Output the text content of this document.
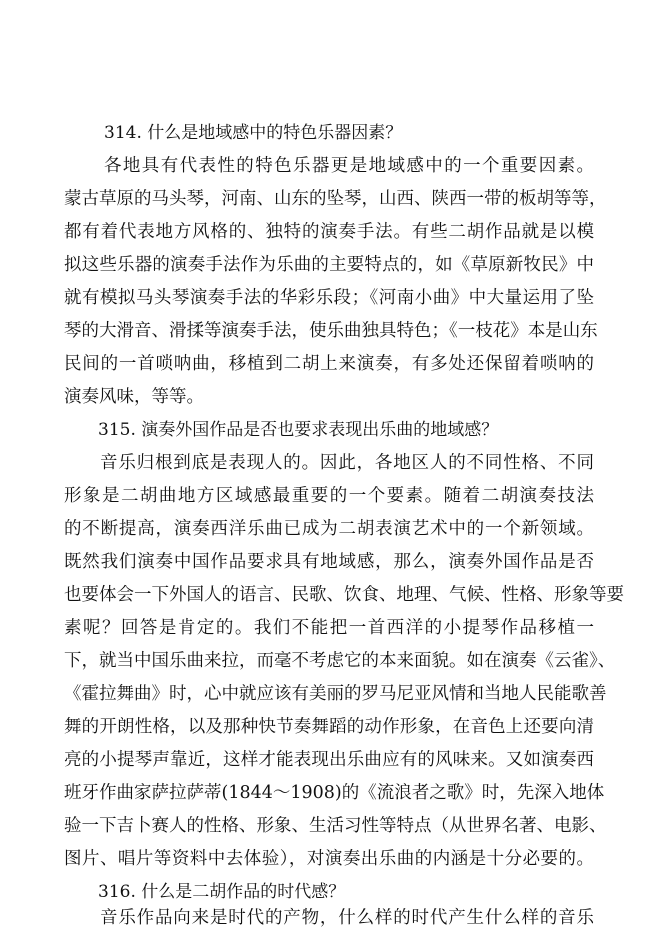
314. 什么是地域感中的特色乐器因素？
各地具有代表性的特色乐器更是地域感中的一个重要因素。
蒙古草原的马头琴，河南、山东的坠琴，山西、陕西一带的板胡等等，
都有着代表地方风格的、独特的演奏手法。有些二胡作品就是以模
拟这些乐器的演奏手法作为乐曲的主要特点的，如《草原新牧民》中
就有模拟马头琴演奏手法的华彩乐段；《河南小曲》中大量运用了坠
琴的大滑音、滑揉等演奏手法，使乐曲独具特色；《一枝花》本是山东
民间的一首唢呐曲，移植到二胡上来演奏，有多处还保留着唢呐的
演奏风味，等等。
315. 演奏外国作品是否也要求表现出乐曲的地域感？
音乐归根到底是表现人的。因此，各地区人的不同性格、不同
形象是二胡曲地方区域感最重要的一个要素。随着二胡演奏技法
的不断提高，演奏西洋乐曲已成为二胡表演艺术中的一个新领域。
既然我们演奏中国作品要求具有地域感，那么，演奏外国作品是否
也要体会一下外国人的语言、民歌、饮食、地理、气候、性格、形象等要
素呢？回答是肯定的。我们不能把一首西洋的小提琴作品移植一
下，就当中国乐曲来拉，而毫不考虑它的本来面貌。如在演奏《云雀》、
《霍拉舞曲》时，心中就应该有美丽的罗马尼亚风情和当地人民能歌善
舞的开朗性格，以及那种快节奏舞蹈的动作形象，在音色上还要向清
亮的小提琴声靠近，这样才能表现出乐曲应有的风味来。又如演奏西
班牙作曲家萨拉萨蒂(1844～1908)的《流浪者之歌》时，先深入地体
验一下吉卜赛人的性格、形象、生活习性等特点（从世界名著、电影、
图片、唱片等资料中去体验），对演奏出乐曲的内涵是十分必要的。
316. 什么是二胡作品的时代感？
音乐作品向来是时代的产物，什么样的时代产生什么样的音乐
